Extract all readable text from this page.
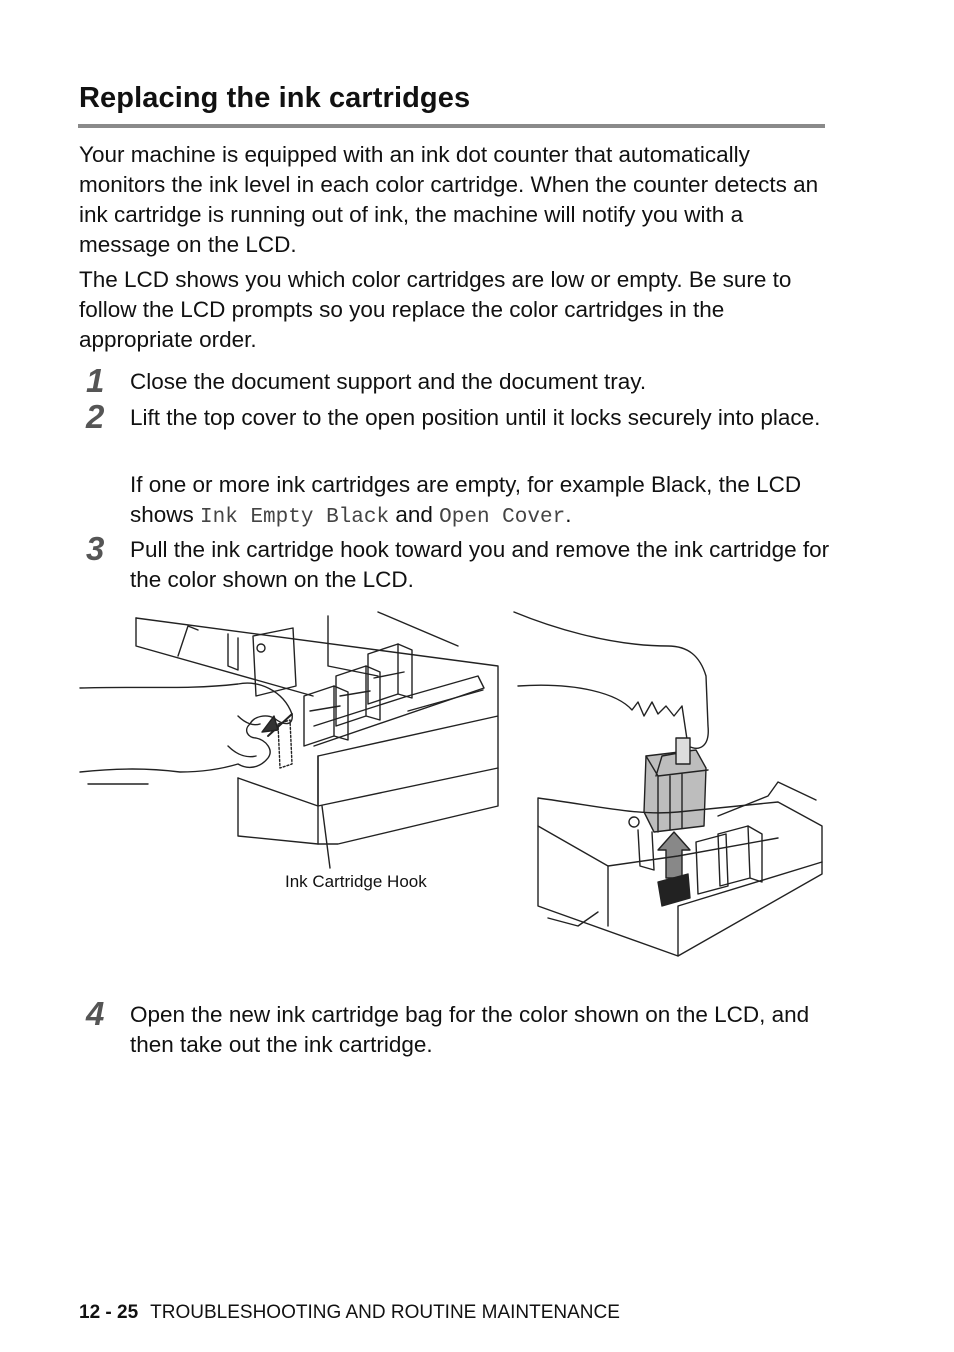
Replacing the ink cartridges

Your machine is equipped with an ink dot counter that automatically monitors the ink level in each color cartridge. When the counter detects an ink cartridge is running out of ink, the machine will notify you with a message on the LCD.

The LCD shows you which color cartridges are low or empty. Be sure to follow the LCD prompts so you replace the color cartridges in the appropriate order.

1 Close the document support and the document tray.

2 Lift the top cover to the open position until it locks securely into place.

If one or more ink cartridges are empty, for example Black, the LCD shows Ink Empty Black and Open Cover.

3 Pull the ink cartridge hook toward you and remove the ink cartridge for the color shown on the LCD.

Ink Cartridge Hook
4 Open the new ink cartridge bag for the color shown on the LCD, and then take out the ink cartridge.

12 - 25 TROUBLESHOOTING AND ROUTINE MAINTENANCE
